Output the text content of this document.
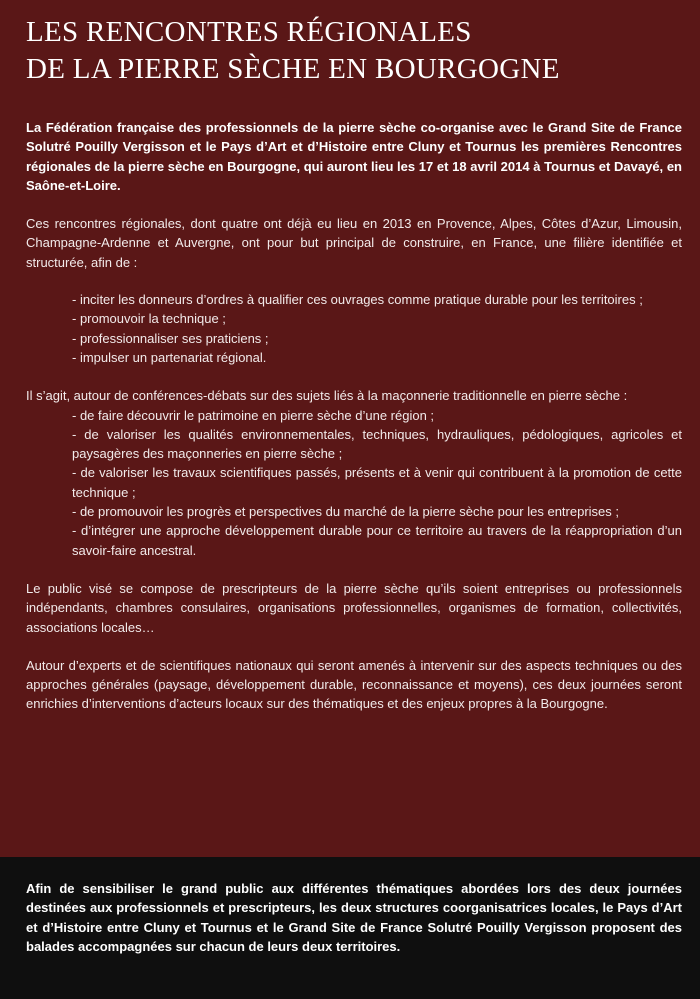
LES RENCONTRES RÉGIONALES
DE LA PIERRE SÈCHE EN BOURGOGNE

La Fédération française des professionnels de la pierre sèche co-organise avec le Grand Site de France Solutré Pouilly Vergisson et le Pays d’Art et d’Histoire entre Cluny et Tournus les premières Rencontres régionales de la pierre sèche en Bourgogne, qui auront lieu les 17 et 18 avril 2014 à Tournus et Davayé, en Saône-et-Loire.

Ces rencontres régionales, dont quatre ont déjà eu lieu en 2013 en Provence, Alpes, Côtes d’Azur, Limousin, Champagne-Ardenne et Auvergne, ont pour but principal de construire, en France, une filière identifiée et structurée, afin de :

- inciter les donneurs d’ordres à qualifier ces ouvrages comme pratique durable pour les territoires ;
- promouvoir la technique ;
- professionnaliser ses praticiens ;
- impulser un partenariat régional.

Il s’agit, autour de conférences-débats sur des sujets liés à la maçonnerie traditionnelle en pierre sèche :

- de faire découvrir le patrimoine en pierre sèche d’une région ;
- de valoriser les qualités environnementales, techniques, hydrauliques, pédologiques, agricoles et paysagères des maçonneries en pierre sèche ;
- de valoriser les travaux scientifiques passés, présents et à venir qui contribuent à la promotion de cette technique ;
- de promouvoir les progrès et perspectives du marché de la pierre sèche pour les entreprises ;
- d’intégrer une approche développement durable pour ce territoire au travers de la réappropriation d’un savoir-faire ancestral.

Le public visé se compose de prescripteurs de la pierre sèche qu’ils soient entreprises ou professionnels indépendants, chambres consulaires, organisations professionnelles, organismes de formation, collectivités, associations locales…

Autour d’experts et de scientifiques nationaux qui seront amenés à intervenir sur des aspects techniques ou des approches générales (paysage, développement durable, reconnaissance et moyens), ces deux journées seront enrichies d’interventions d’acteurs locaux sur des thématiques et des enjeux propres à la Bourgogne.

Afin de sensibiliser le grand public aux différentes thématiques abordées lors des deux journées destinées aux professionnels et prescripteurs, les deux structures coorganisatrices locales, le Pays d’Art et d’Histoire entre Cluny et Tournus et le Grand Site de France Solutré Pouilly Vergisson proposent des balades accompagnées sur chacun de leurs deux territoires.
